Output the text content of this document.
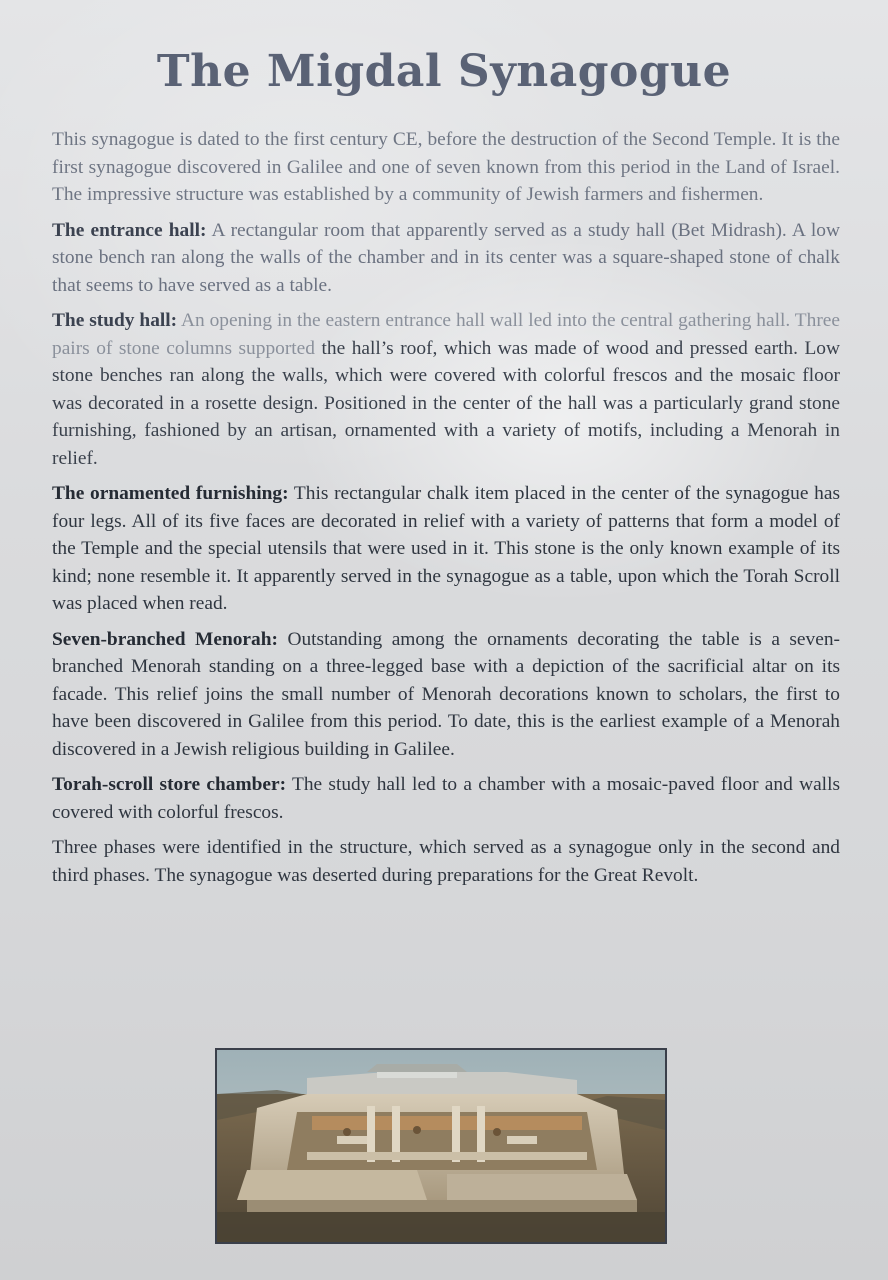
The Migdal Synagogue

This synagogue is dated to the first century CE, before the destruction of the Second Temple. It is the first synagogue discovered in Galilee and one of seven known from this period in the Land of Israel. The impressive structure was established by a community of Jewish farmers and fishermen.

The entrance hall: A rectangular room that apparently served as a study hall (Bet Midrash). A low stone bench ran along the walls of the chamber and in its center was a square-shaped stone of chalk that seems to have served as a table.

The study hall: An opening in the eastern entrance hall wall led into the central gathering hall. Three pairs of stone columns supported the hall’s roof, which was made of wood and pressed earth. Low stone benches ran along the walls, which were covered with colorful frescos and the mosaic floor was decorated in a rosette design. Positioned in the center of the hall was a particularly grand stone furnishing, fashioned by an artisan, ornamented with a variety of motifs, including a Menorah in relief.

The ornamented furnishing: This rectangular chalk item placed in the center of the synagogue has four legs. All of its five faces are decorated in relief with a variety of patterns that form a model of the Temple and the special utensils that were used in it. This stone is the only known example of its kind; none resemble it. It apparently served in the synagogue as a table, upon which the Torah Scroll was placed when read.

Seven-branched Menorah: Outstanding among the ornaments decorating the table is a seven-branched Menorah standing on a three-legged base with a depiction of the sacrificial altar on its facade. This relief joins the small number of Menorah decorations known to scholars, the first to have been discovered in Galilee from this period. To date, this is the earliest example of a Menorah discovered in a Jewish religious building in Galilee.

Torah-scroll store chamber: The study hall led to a chamber with a mosaic-paved floor and walls covered with colorful frescos.

Three phases were identified in the structure, which served as a synagogue only in the second and third phases. The synagogue was deserted during preparations for the Great Revolt.
